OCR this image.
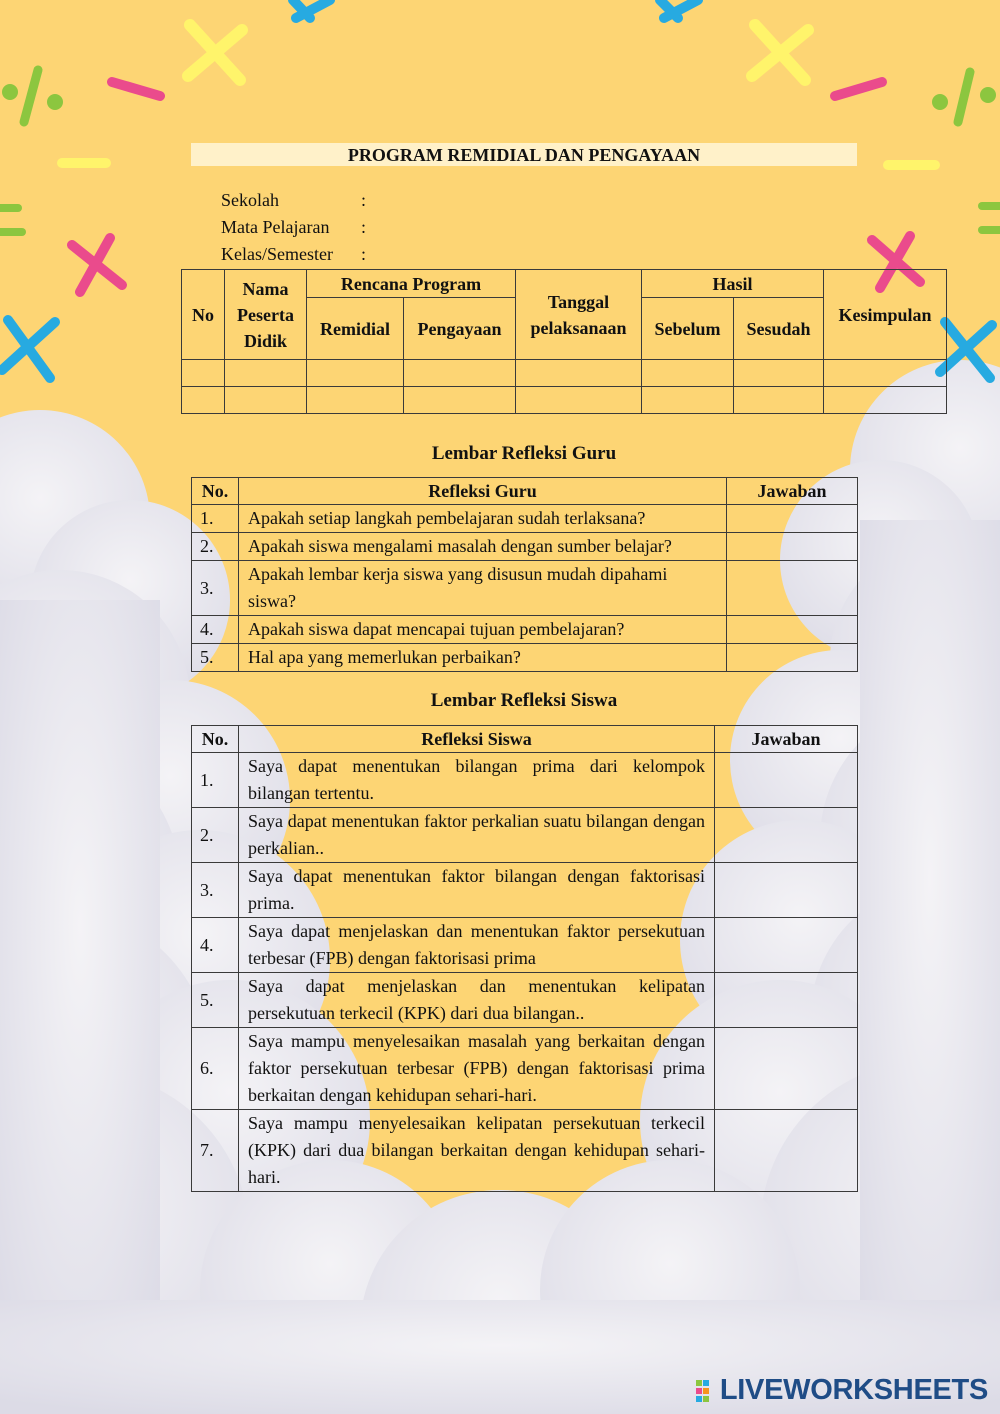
PROGRAM REMIDIAL DAN PENGAYAAN
Sekolah	:
Mata Pelajaran :
Kelas/Semester :
No	Nama Peserta Didik	Rencana Program		Tanggal pelaksanaan	Hasil		Kesimpulan
		Remidial	Pengayaan		Sebelum	Sesudah	

Lembar Refleksi Guru
No.	Refleksi Guru	Jawaban
1.	Apakah setiap langkah pembelajaran sudah terlaksana?	
2.	Apakah siswa mengalami masalah dengan sumber belajar?	
3.	Apakah lembar kerja siswa yang disusun mudah dipahami siswa?	
4.	Apakah siswa dapat mencapai tujuan pembelajaran?	
5.	Hal apa yang memerlukan perbaikan?	
Lembar Refleksi Siswa
No.	Refleksi Siswa	Jawaban
1.	Saya dapat menentukan bilangan prima dari kelompok bilangan tertentu.	
2.	Saya dapat menentukan faktor perkalian suatu bilangan dengan perkalian..	
3.	Saya dapat menentukan faktor bilangan dengan faktorisasi prima.	
4.	Saya dapat menjelaskan dan menentukan faktor persekutuan terbesar (FPB) dengan faktorisasi prima	
5.	Saya dapat menjelaskan dan menentukan kelipatan persekutuan terkecil (KPK) dari dua bilangan..	
6.	Saya mampu menyelesaikan masalah yang berkaitan dengan faktor persekutuan terbesar (FPB) dengan faktorisasi prima berkaitan dengan kehidupan sehari-hari.	
7.	Saya mampu menyelesaikan kelipatan persekutuan terkecil (KPK) dari dua bilangan berkaitan dengan kehidupan sehari-hari.	
LIVEWORKSHEETS
